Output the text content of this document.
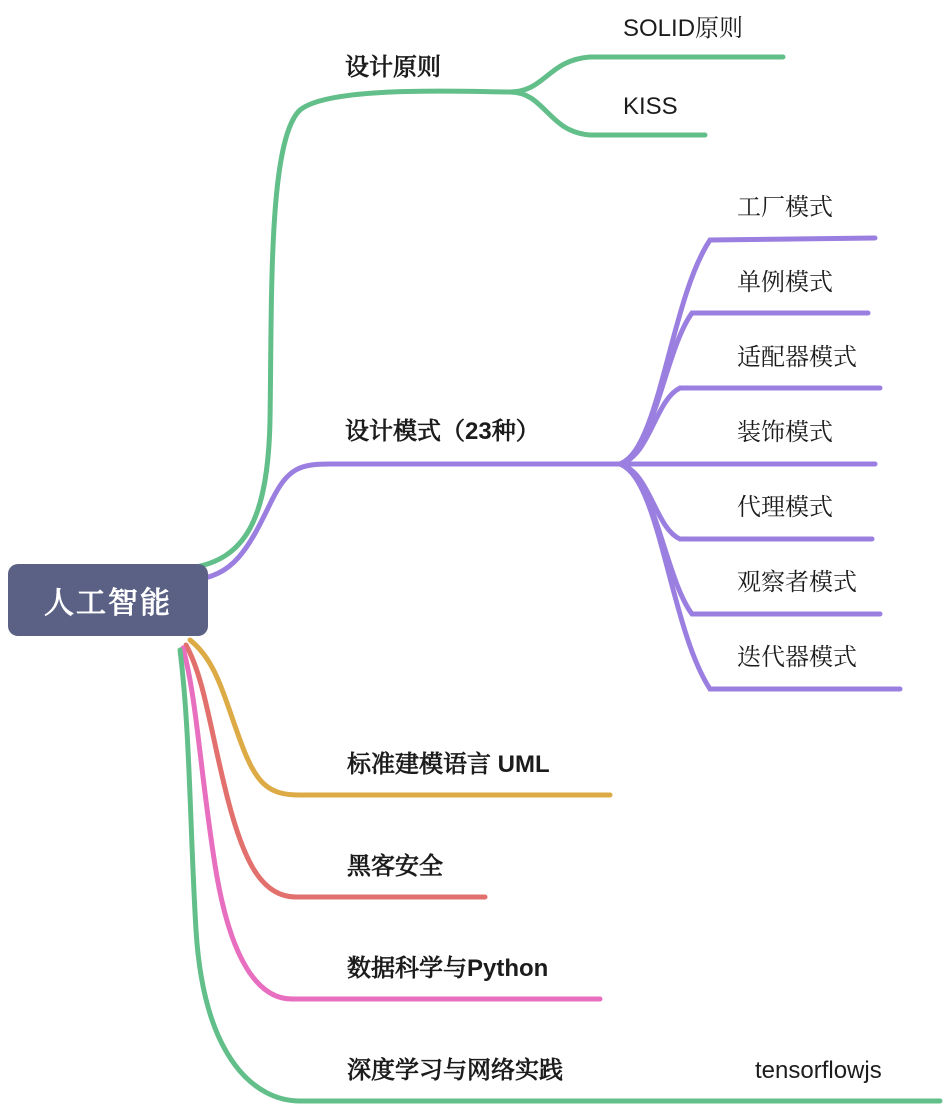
人工智能
设计原则
设计模式（23种）
标准建模语言 UML
黑客安全
数据科学与Python
深度学习与网络实践
SOLID原则
KISS
工厂模式
单例模式
适配器模式
装饰模式
代理模式
观察者模式
迭代器模式
tensorflowjs
